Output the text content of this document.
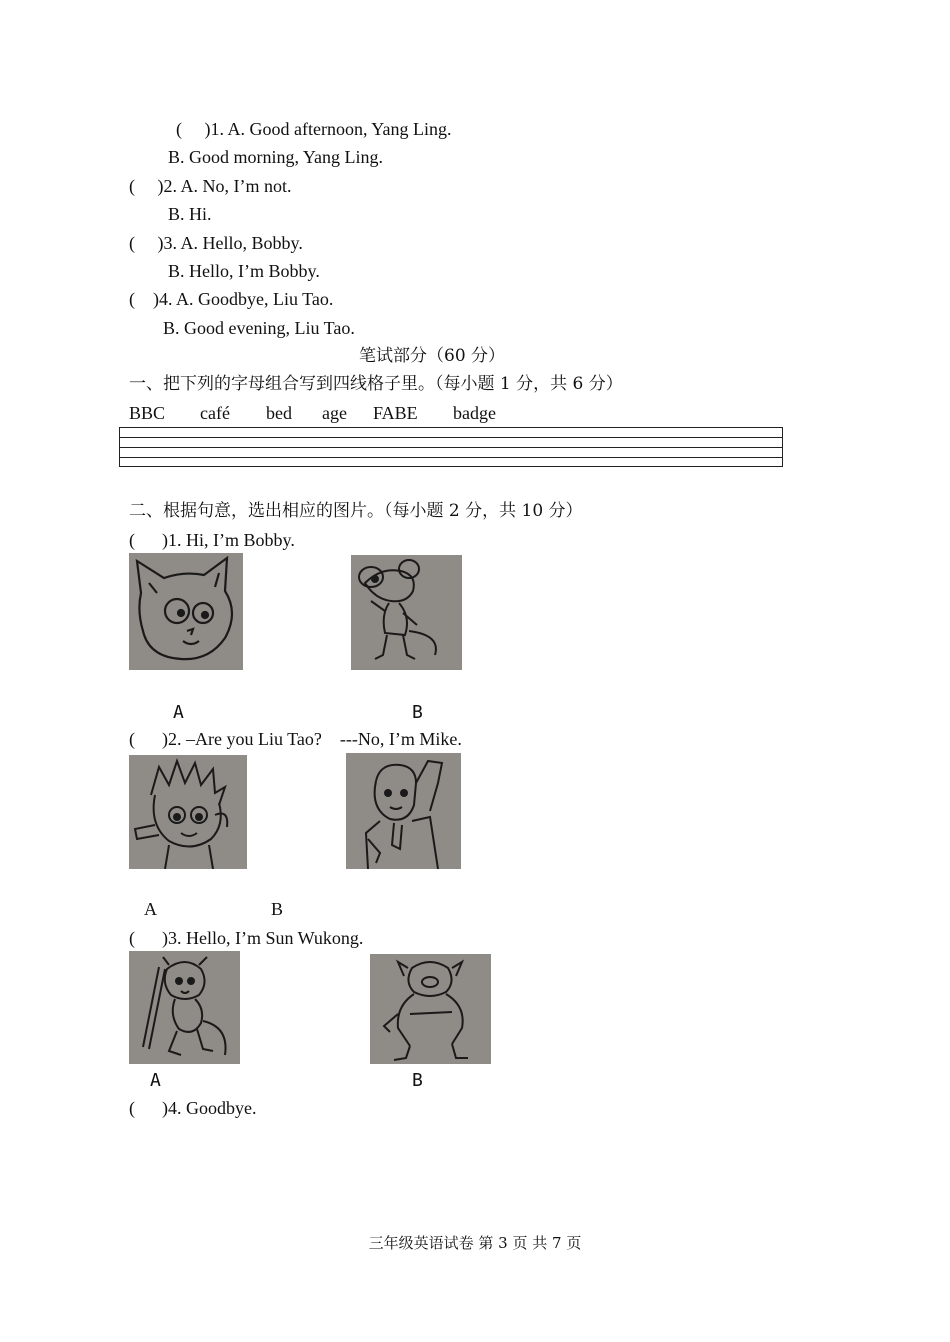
(     )1. A. Good afternoon, Yang Ling.
B. Good morning, Yang Ling.
(     )2. A. No, I’m not.
B. Hi.
(     )3. A. Hello, Bobby.
B. Hello, I’m Bobby.
(    )4. A. Goodbye, Liu Tao.
B. Good evening, Liu Tao.
笔试部分（60 分）
一、把下列的字母组合写到四线格子里。（每小题 1 分，共 6 分）
BBC café bed age FABE badge
二、根据句意，选出相应的图片。（每小题 2 分，共 10 分）
(      )1. Hi, I’m Bobby.
A	B
(      )2. –Are you Liu Tao?    ---No, I’m Mike.
A	B
(      )3. Hello, I’m Sun Wukong.
A	B
(      )4. Goodbye.
三年级英语试卷 第 3 页 共 7 页
